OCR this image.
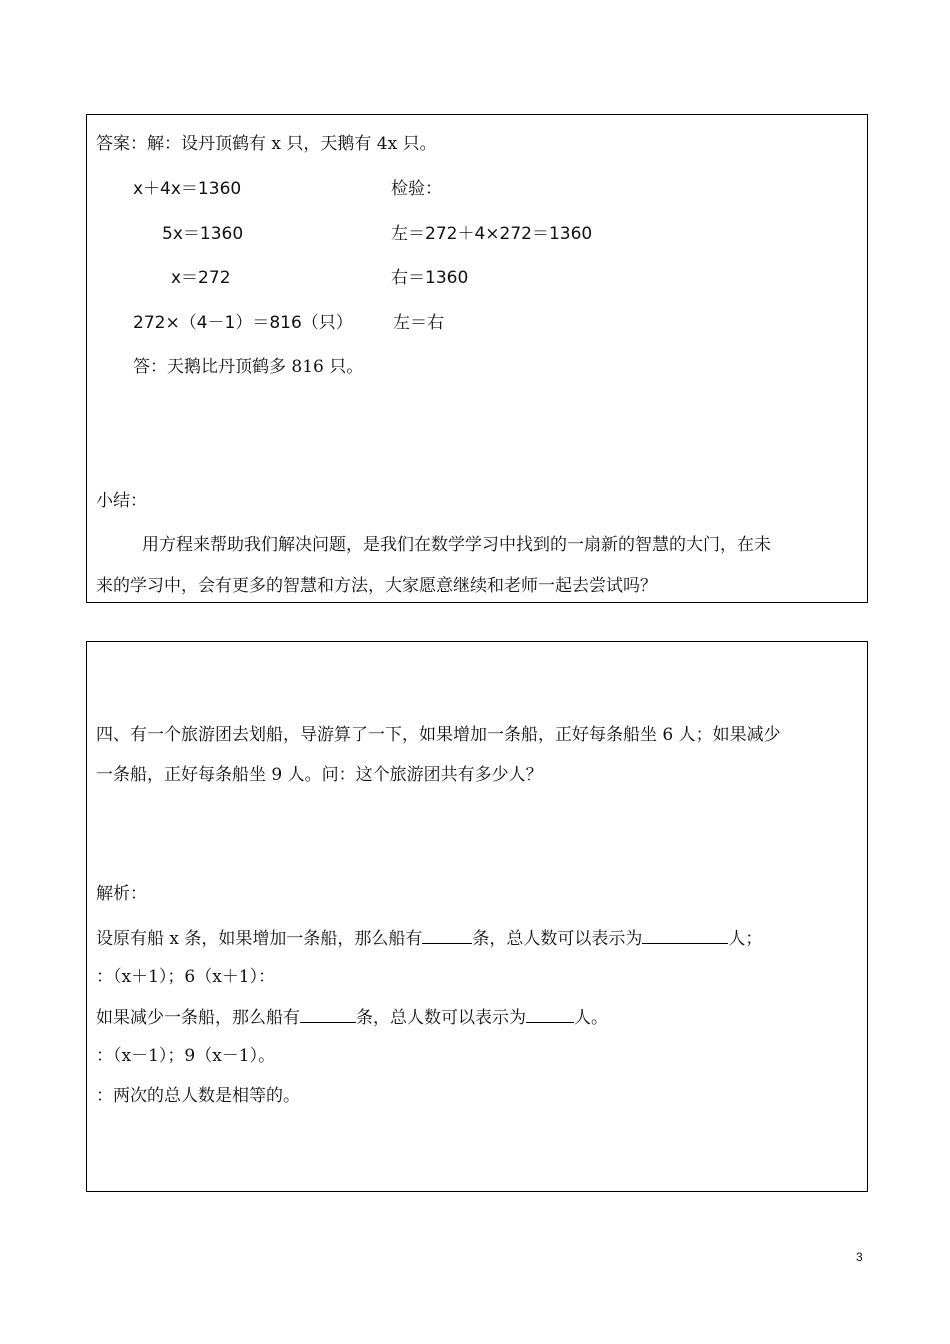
答案：解：设丹顶鹤有 x 只，天鹅有 4x 只。
x＋4x＝1360
5x＝1360
x＝272
272×（4－1）＝816（只）
检验：
左＝272＋4×272＝1360
右＝1360
左＝右
答：天鹅比丹顶鹤多 816 只。
小结：
用方程来帮助我们解决问题，是我们在数学学习中找到的一扇新的智慧的大门，在未
来的学习中，会有更多的智慧和方法，大家愿意继续和老师一起去尝试吗？
四、有一个旅游团去划船，导游算了一下，如果增加一条船，正好每条船坐 6 人；如果减少
一条船，正好每条船坐 9 人。问：这个旅游团共有多少人？
解析：
设原有船 x 条，如果增加一条船，那么船有	条，总人数可以表示为	人；
：（x＋1）；6（x＋1）：
如果减少一条船，那么船有	条，总人数可以表示为	人。
：（x－1）；9（x－1）。
：两次的总人数是相等的。
3
